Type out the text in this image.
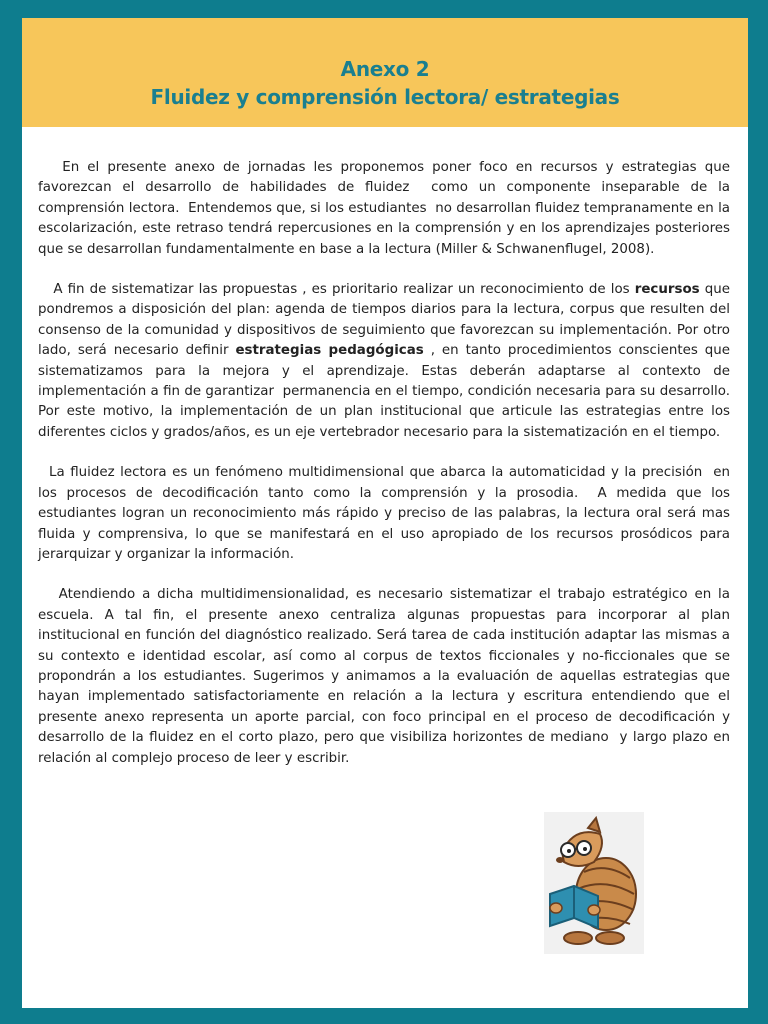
Anexo 2
Fluidez y comprensión lectora/ estrategias

En el presente anexo de jornadas les proponemos poner foco en recursos y estrategias que favorezcan el desarrollo de habilidades de fluidez  como un componente inseparable de la comprensión lectora.  Entendemos que, si los estudiantes  no desarrollan fluidez tempranamente en la escolarización, este retraso tendrá repercusiones en la comprensión y en los aprendizajes posteriores que se desarrollan fundamentalmente en base a la lectura (Miller & Schwanenflugel, 2008).

A fin de sistematizar las propuestas , es prioritario realizar un reconocimiento de los recursos que pondremos a disposición del plan: agenda de tiempos diarios para la lectura, corpus que resulten del consenso de la comunidad y dispositivos de seguimiento que favorezcan su implementación. Por otro lado, será necesario definir estrategias pedagógicas , en tanto procedimientos conscientes que sistematizamos para la mejora y el aprendizaje. Estas deberán adaptarse al contexto de implementación a fin de garantizar  permanencia en el tiempo, condición necesaria para su desarrollo. Por este motivo, la implementación de un plan institucional que articule las estrategias entre los diferentes ciclos y grados/años, es un eje vertebrador necesario para la sistematización en el tiempo.

La fluidez lectora es un fenómeno multidimensional que abarca la automaticidad y la precisión  en los procesos de decodificación tanto como la comprensión y la prosodia.  A medida que los estudiantes logran un reconocimiento más rápido y preciso de las palabras, la lectura oral será mas fluida y comprensiva, lo que se manifestará en el uso apropiado de los recursos prosódicos para jerarquizar y organizar la información.

Atendiendo a dicha multidimensionalidad, es necesario sistematizar el trabajo estratégico en la escuela. A tal fin, el presente anexo centraliza algunas propuestas para incorporar al plan  institucional en función del diagnóstico realizado. Será tarea de cada institución adaptar las mismas a su contexto e identidad escolar, así como al corpus de textos ficcionales y no-ficcionales que se propondrán a los estudiantes. Sugerimos y animamos a la evaluación de aquellas estrategias que  hayan implementado satisfactoriamente en relación a la lectura y escritura entendiendo que el presente anexo representa un aporte parcial, con foco principal en el proceso de decodificación y desarrollo de la fluidez en el corto plazo, pero que visibiliza horizontes de mediano  y largo plazo en relación al complejo proceso de leer y escribir.
